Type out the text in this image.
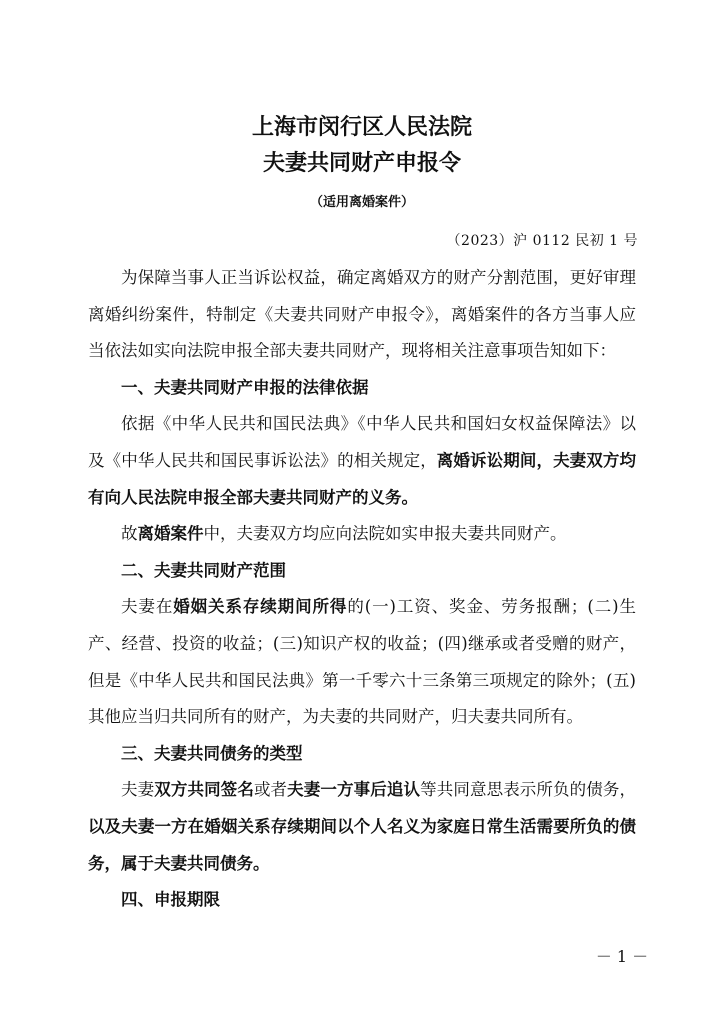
上海市闵行区人民法院
夫妻共同财产申报令
（适用离婚案件）
（2023）沪 0112 民初 1 号

为保障当事人正当诉讼权益，确定离婚双方的财产分割范围，更好审理离婚纠纷案件，特制定《夫妻共同财产申报令》，离婚案件的各方当事人应当依法如实向法院申报全部夫妻共同财产，现将相关注意事项告知如下：

一、夫妻共同财产申报的法律依据

依据《中华人民共和国民法典》《中华人民共和国妇女权益保障法》以及《中华人民共和国民事诉讼法》的相关规定，离婚诉讼期间，夫妻双方均有向人民法院申报全部夫妻共同财产的义务。

故离婚案件中，夫妻双方均应向法院如实申报夫妻共同财产。

二、夫妻共同财产范围

夫妻在婚姻关系存续期间所得的(一)工资、奖金、劳务报酬；(二)生产、经营、投资的收益；(三)知识产权的收益；(四)继承或者受赠的财产，但是《中华人民共和国民法典》第一千零六十三条第三项规定的除外；(五)其他应当归共同所有的财产，为夫妻的共同财产，归夫妻共同所有。

三、夫妻共同债务的类型

夫妻双方共同签名或者夫妻一方事后追认等共同意思表示所负的债务，以及夫妻一方在婚姻关系存续期间以个人名义为家庭日常生活需要所负的债务，属于夫妻共同债务。

四、申报期限

－ 1 －
